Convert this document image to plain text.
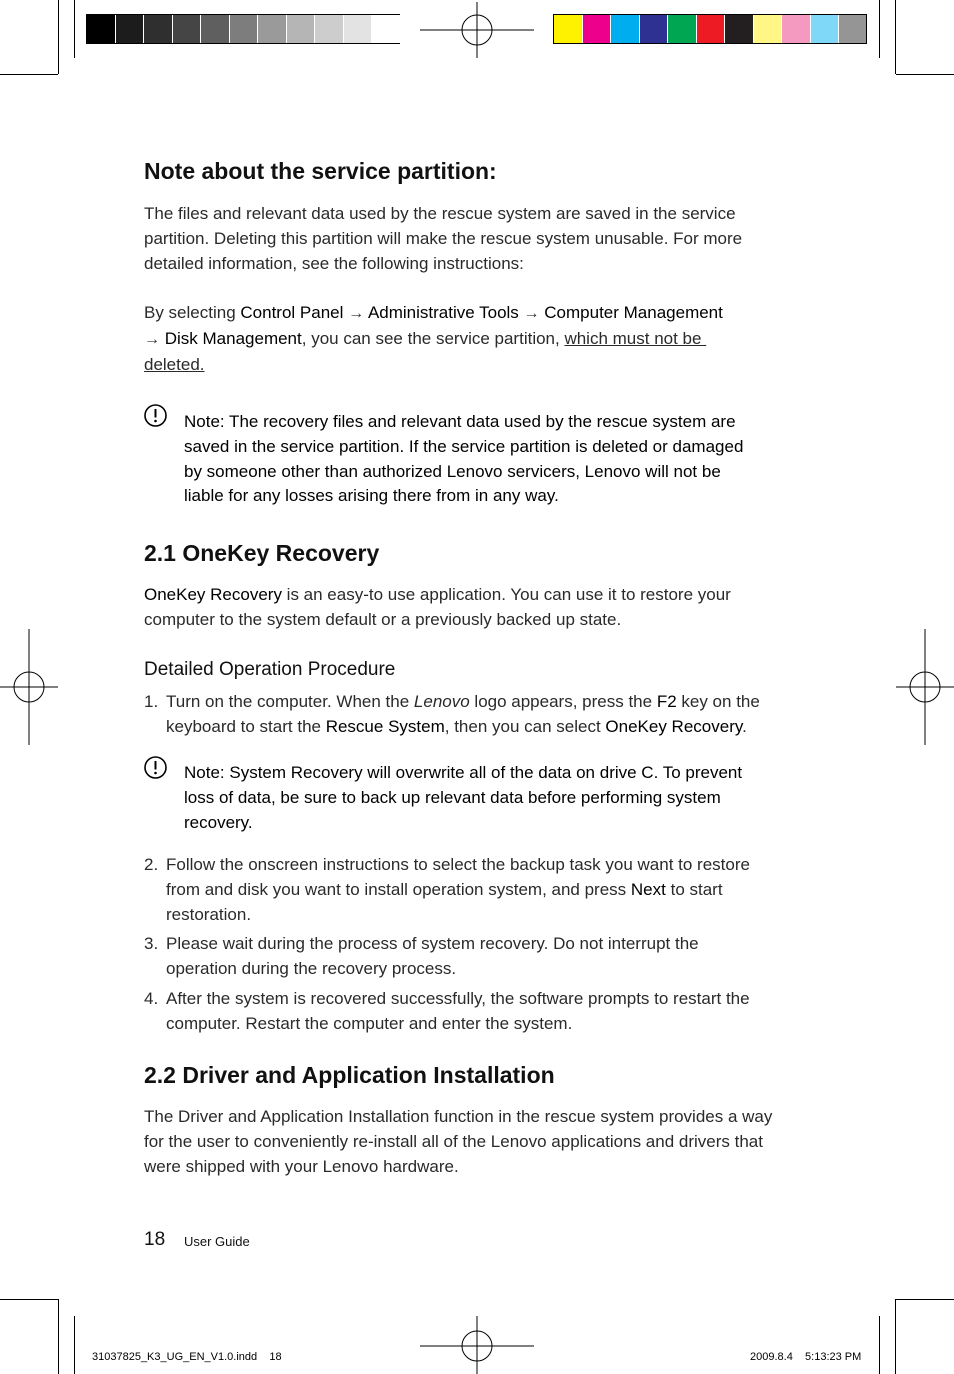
Note about the service partition:
The files and relevant data used by the rescue system are saved in the service
partition. Deleting this partition will make the rescue system unusable. For more
detailed information, see the following instructions:
By selecting Control Panel → Administrative Tools → Computer Management
→ Disk Management, you can see the service partition, which must not be
deleted.
Note: The recovery files and relevant data used by the rescue system are
saved in the service partition. If the service partition is deleted or damaged
by someone other than authorized Lenovo servicers, Lenovo will not be
liable for any losses arising there from in any way.
2.1 OneKey Recovery
OneKey Recovery is an easy-to use application. You can use it to restore your
computer to the system default or a previously backed up state.
Detailed Operation Procedure
1. Turn on the computer. When the Lenovo logo appears, press the F2 key on the
keyboard to start the Rescue System, then you can select OneKey Recovery.
Note: System Recovery will overwrite all of the data on drive C. To prevent
loss of data, be sure to back up relevant data before performing system
recovery.
2. Follow the onscreen instructions to select the backup task you want to restore
from and disk you want to install operation system, and press Next to start
restoration.
3. Please wait during the process of system recovery. Do not interrupt the
operation during the recovery process.
4. After the system is recovered successfully, the software prompts to restart the
computer. Restart the computer and enter the system.
2.2 Driver and Application Installation
The Driver and Application Installation function in the rescue system provides a way
for the user to conveniently re-install all of the Lenovo applications and drivers that
were shipped with your Lenovo hardware.
18 User Guide
31037825_K3_UG_EN_V1.0.indd    18	2009.8.4    5:13:23 PM
